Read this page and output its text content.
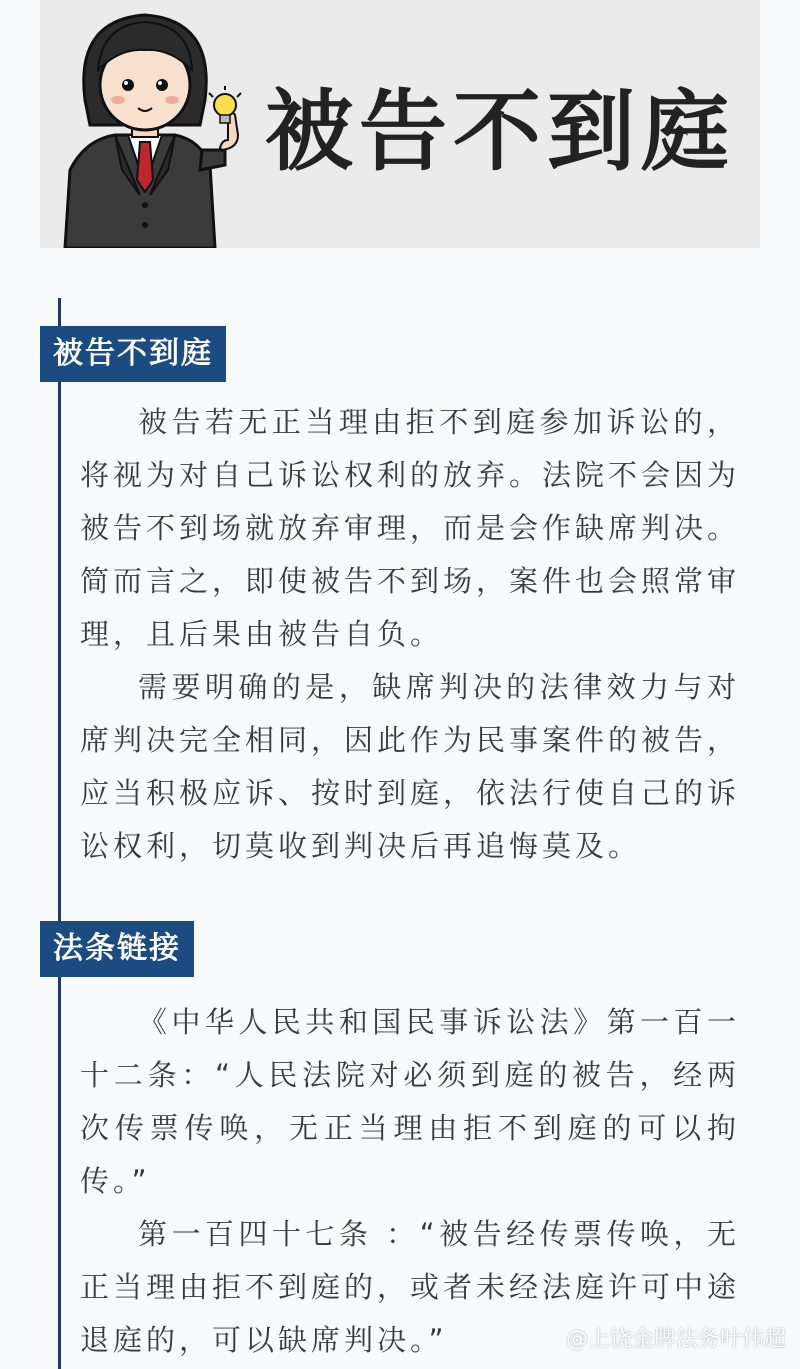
被告不到庭
被告不到庭

被告若无正当理由拒不到庭参加诉讼的，将视为对自己诉讼权利的放弃。法院不会因为被告不到场就放弃审理，而是会作缺席判决。简而言之，即使被告不到场，案件也会照常审理，且后果由被告自负。

需要明确的是，缺席判决的法律效力与对席判决完全相同，因此作为民事案件的被告，应当积极应诉、按时到庭，依法行使自己的诉讼权利，切莫收到判决后再追悔莫及。

法条链接

《中华人民共和国民事诉讼法》第一百一十二条：“人民法院对必须到庭的被告，经两次传票传唤，无正当理由拒不到庭的可以拘传。”

第一百四十七条 ：“被告经传票传唤，无正当理由拒不到庭的，或者未经法庭许可中途退庭的，可以缺席判决。”	@上饶金牌法务叶伟超
